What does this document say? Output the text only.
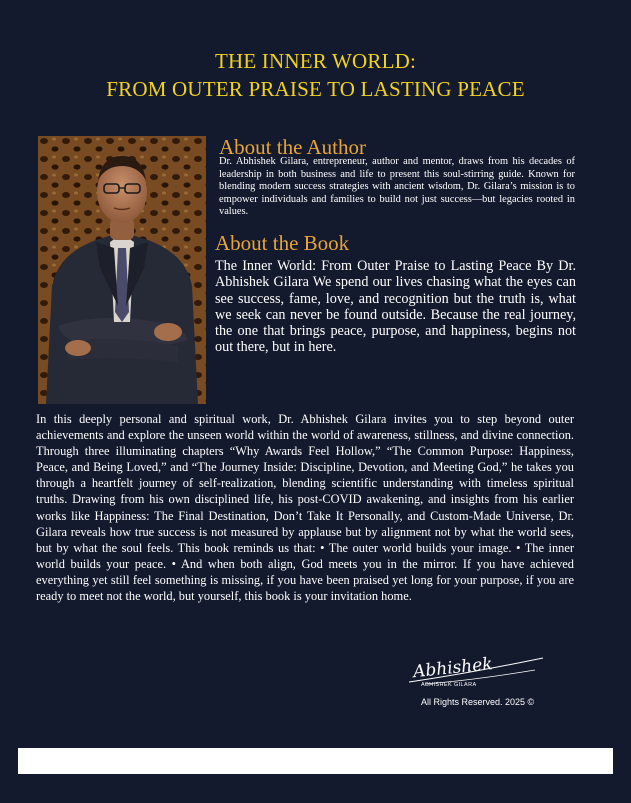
THE INNER WORLD:
FROM OUTER PRAISE TO LASTING PEACE
About the Author
Dr. Abhishek Gilara, entrepreneur, author and mentor, draws from his decades of leadership in both business and life to present this soul-stirring guide. Known for blending modern success strategies with ancient wisdom, Dr. Gilara’s mission is to empower individuals and families to build not just success—but legacies rooted in values.
About the Book
The Inner World: From Outer Praise to Lasting Peace By Dr. Abhishek Gilara We spend our lives chasing what the eyes can see success, fame, love, and recognition but the truth is, what we seek can never be found outside. Because the real journey, the one that brings peace, purpose, and happiness, begins not out there, but in here.
In this deeply personal and spiritual work, Dr. Abhishek Gilara invites you to step beyond outer achievements and explore the unseen world within the world of awareness, stillness, and divine connection. Through three illuminating chapters “Why Awards Feel Hollow,” “The Common Purpose: Happiness, Peace, and Being Loved,” and “The Journey Inside: Discipline, Devotion, and Meeting God,” he takes you through a heartfelt journey of self-realization, blending scientific understanding with timeless spiritual truths. Drawing from his own disciplined life, his post-COVID awakening, and insights from his earlier works like Happiness: The Final Destination, Don’t Take It Personally, and Custom-Made Universe, Dr. Gilara reveals how true success is not measured by applause but by alignment not by what the world sees, but by what the soul feels. This book reminds us that: • The outer world builds your image. • The inner world builds your peace. • And when both align, God meets you in the mirror. If you have achieved everything yet still feel something is missing, if you have been praised yet long for your purpose, if you are ready to meet not the world, but yourself, this book is your invitation home.
Abhishek
ABHISHEK GILARA
All Rights Reserved. 2025 ©
